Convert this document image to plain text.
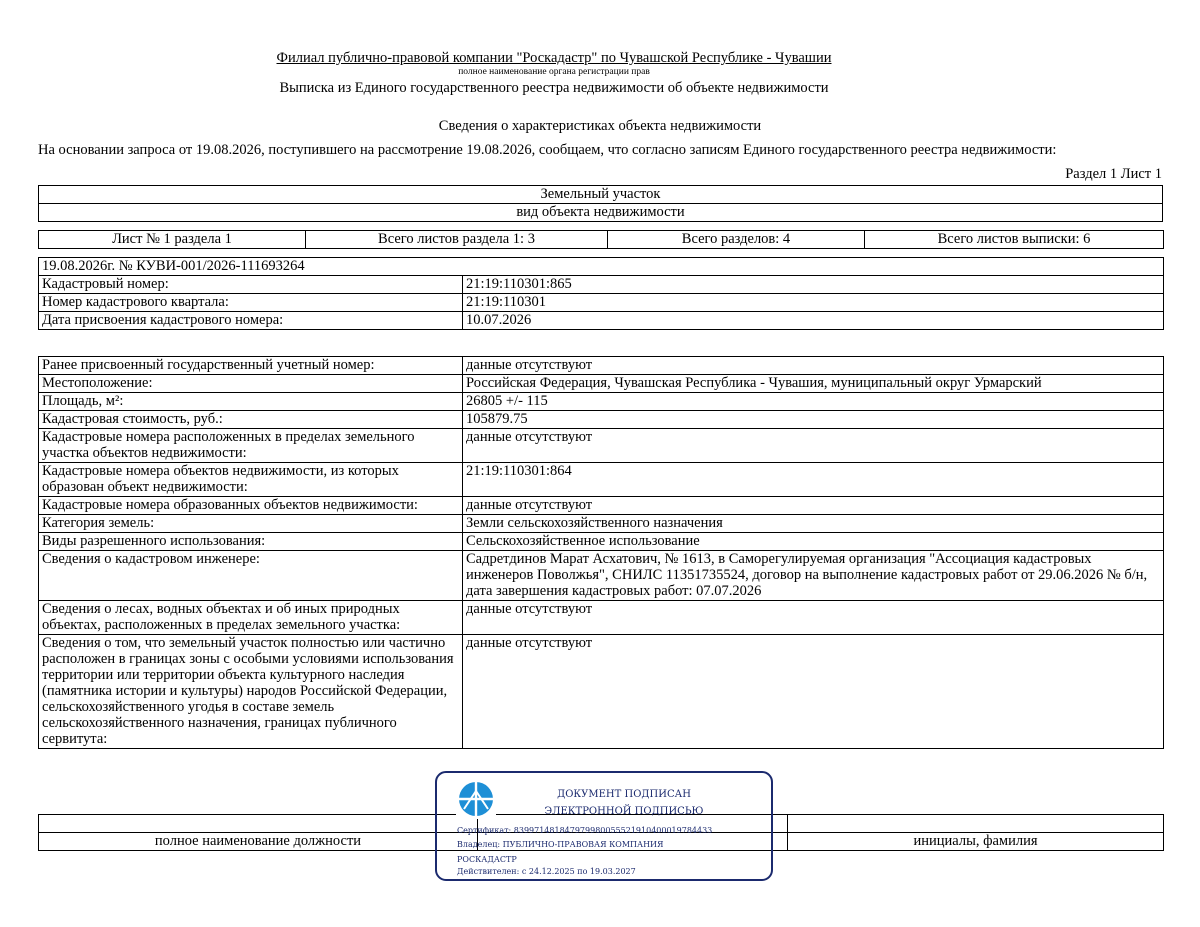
Филиал публично-правовой компании "Роскадастр" по Чувашской Республике - Чувашии
полное наименование органа регистрации прав
Выписка из Единого государственного реестра недвижимости об объекте недвижимости
Сведения о характеристиках объекта недвижимости
На основании запроса от 19.08.2026, поступившего на рассмотрение 19.08.2026, сообщаем, что согласно записям Единого государственного реестра недвижимости:
Раздел 1 Лист 1
Земельный участок
вид объекта недвижимости
Лист № 1 раздела 1	Всего листов раздела 1: 3	Всего разделов: 4	Всего листов выписки: 6
19.08.2026г. № КУВИ-001/2026-111693264	
Кадастровый номер:	21:19:110301:865
Номер кадастрового квартала:	21:19:110301
Дата присвоения кадастрового номера:	10.07.2026
Ранее присвоенный государственный учетный номер:	данные отсутствуют
Местоположение:	Российская Федерация, Чувашская Республика - Чувашия, муниципальный округ Урмарский
Площадь, м²:	26805 +/- 115
Кадастровая стоимость, руб.:	105879.75
Кадастровые номера расположенных в пределах земельного участка объектов недвижимости:	данные отсутствуют
Кадастровые номера объектов недвижимости, из которых образован объект недвижимости:	21:19:110301:864
Кадастровые номера образованных объектов недвижимости:	данные отсутствуют
Категория земель:	Земли сельскохозяйственного назначения
Виды разрешенного использования:	Сельскохозяйственное использование
Сведения о кадастровом инженере:	Садретдинов Марат Асхатович, № 1613, в Саморегулируемая организация "Ассоциация кадастровых инженеров Поволжья", СНИЛС 11351735524, договор на выполнение кадастровых работ от 29.06.2026 № б/н, дата завершения кадастровых работ: 07.07.2026
Сведения о лесах, водных объектах и об иных природных объектах, расположенных в пределах земельного участка:	данные отсутствуют
Сведения о том, что земельный участок полностью или частично расположен в границах зоны с особыми условиями использования территории или территории объекта культурного наследия (памятника истории и культуры) народов Российской Федерации, сельскохозяйственного угодья в составе земель сельскохозяйственного назначения, границах публичного сервитута:	данные отсутствуют

полное наименование должности		инициалы, фамилия
ДОКУМЕНТ ПОДПИСАН
ЭЛЕКТРОННОЙ ПОДПИСЬЮ
Сертификат: 839971481847979980055521910400019784433
Владелец: ПУБЛИЧНО-ПРАВОВАЯ КОМПАНИЯ
РОСКАДАСТР
Действителен: с 24.12.2025 по 19.03.2027
